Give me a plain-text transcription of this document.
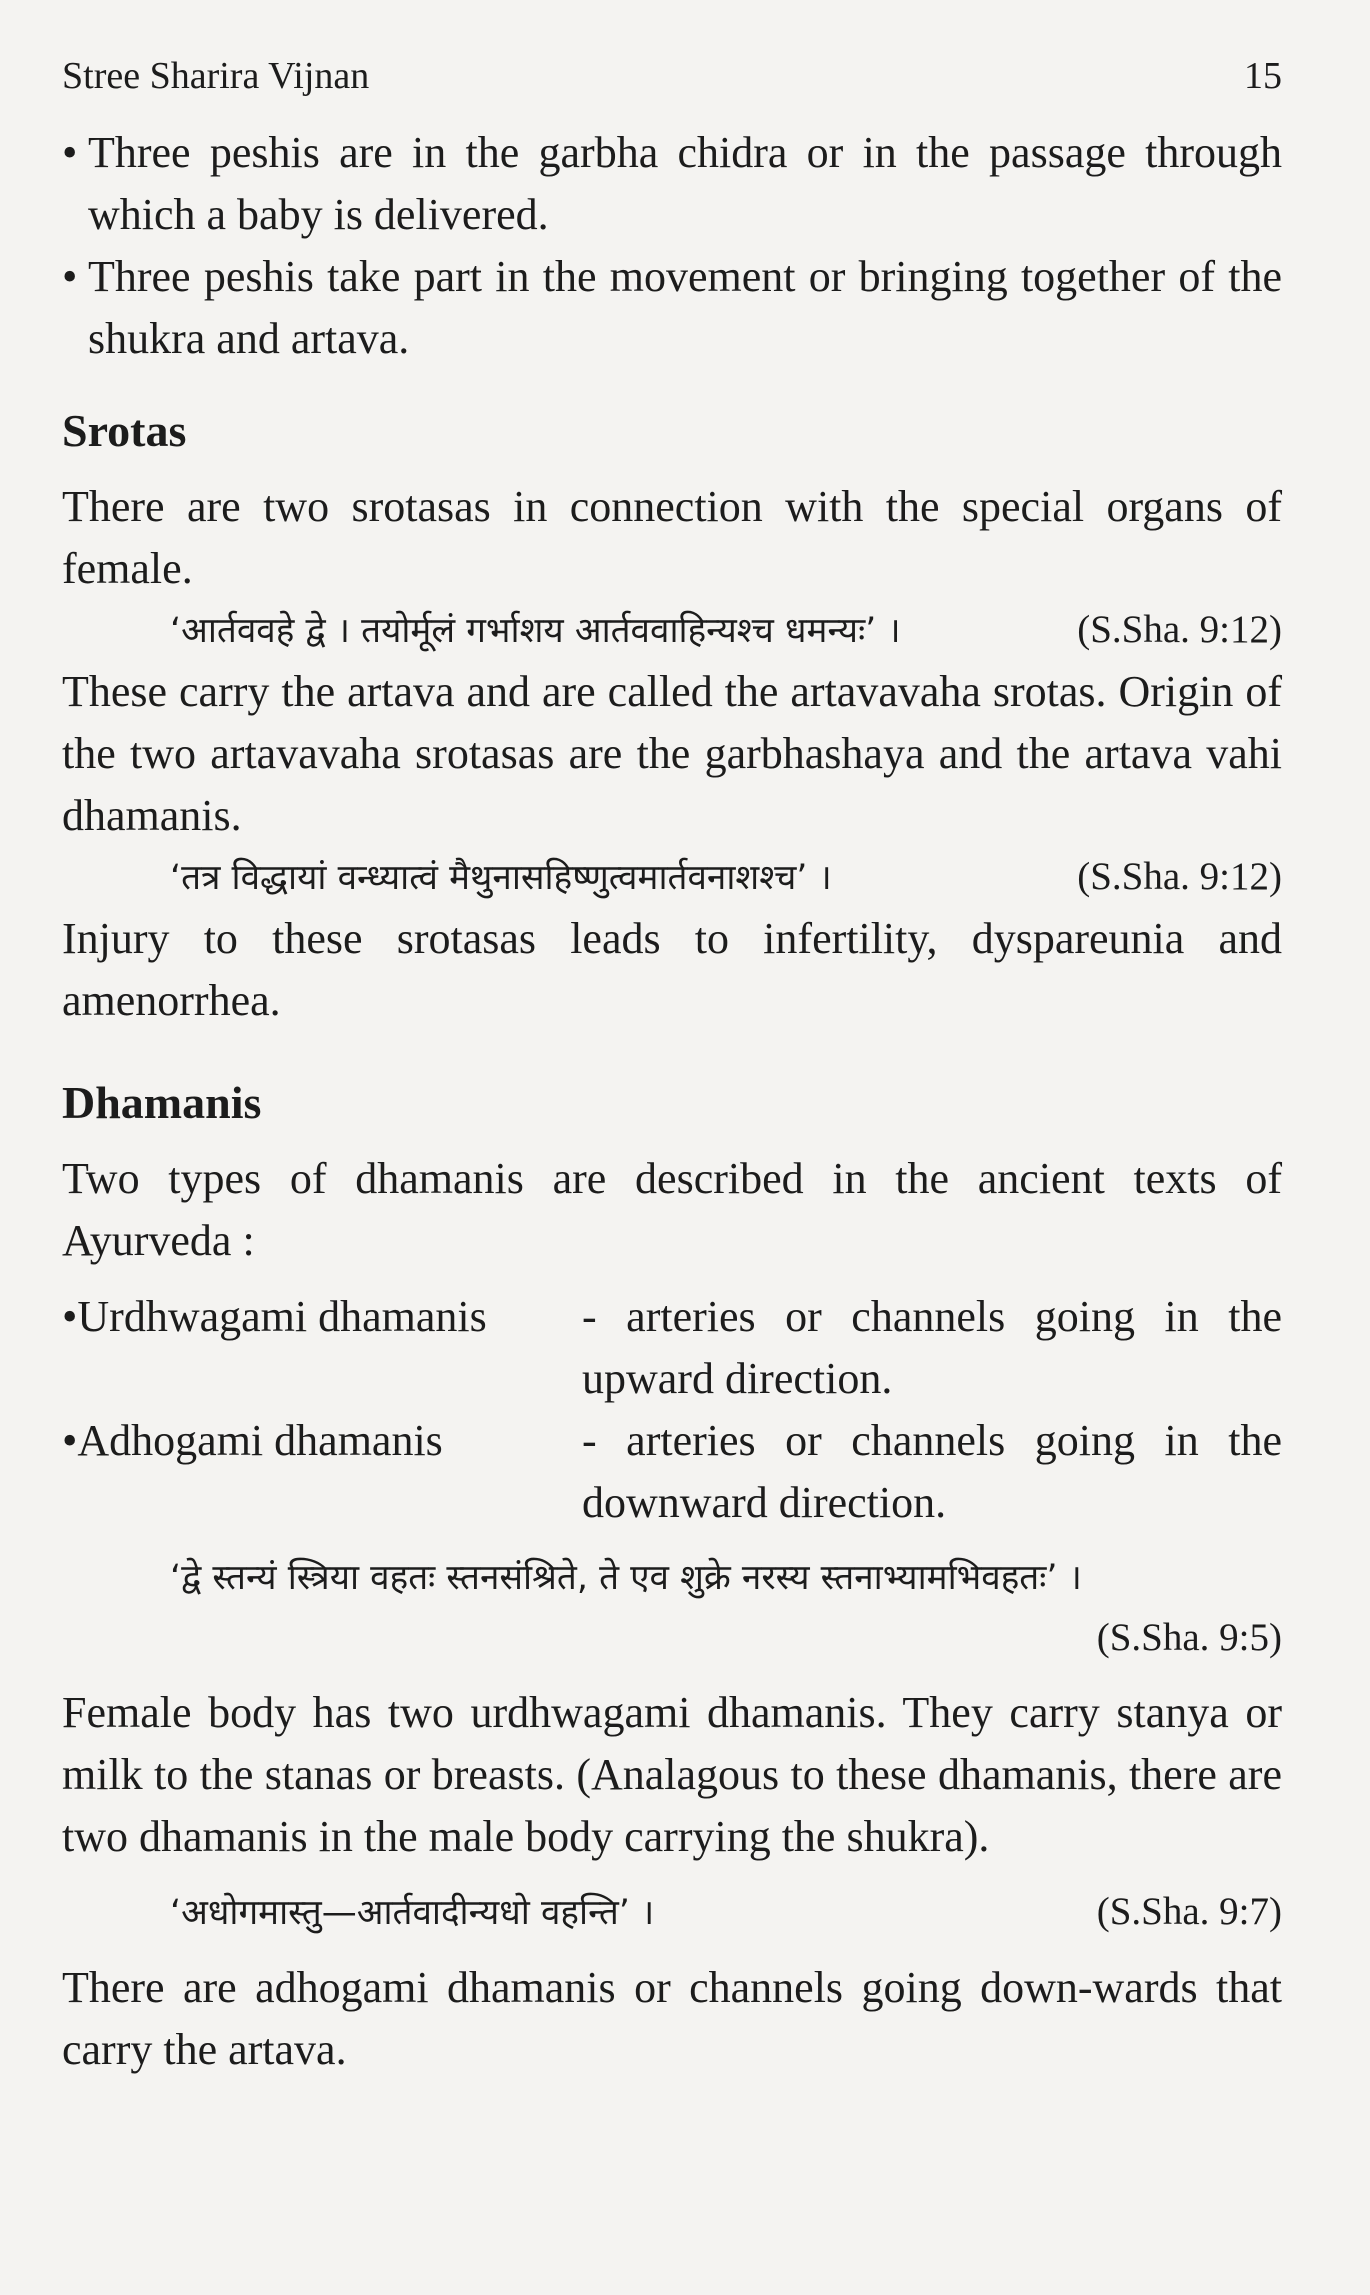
Stree Sharira Vijnan	15
• Three peshis are in the garbha chidra or in the passage through which a baby is delivered.
• Three peshis take part in the movement or bringing together of the shukra and artava.
Srotas

There are two srotasas in connection with the special organs of female.

‘आर्तववहे द्वे । तयोर्मूलं गर्भाशय आर्तववाहिन्यश्च धमन्यः’ ।	(S.Sha. 9:12)

These carry the artava and are called the artavavaha srotas. Origin of the two artavavaha srotasas are the garbhashaya and the artava vahi dhamanis.

‘तत्र विद्धायां वन्ध्यात्वं मैथुनासहिष्णुत्वमार्तवनाशश्च’ ।	(S.Sha. 9:12)

Injury to these srotasas leads to infertility, dyspareunia and amenorrhea.

Dhamanis

Two types of dhamanis are described in the ancient texts of Ayurveda :

•Urdhwagami dhamanis - arteries or channels going in the upward direction.
•Adhogami dhamanis	- arteries or channels going in the downward direction.
‘द्वे स्तन्यं स्त्रिया वहतः स्तनसंश्रिते, ते एव शुक्रे नरस्य स्तनाभ्यामभिवहतः’ ।
(S.Sha. 9:5)

Female body has two urdhwagami dhamanis. They carry stanya or milk to the stanas or breasts. (Analagous to these dhamanis, there are two dhamanis in the male body carrying the shukra).

‘अधोगमास्तु—आर्तवादीन्यधो वहन्ति’ ।	(S.Sha. 9:7)

There are adhogami dhamanis or channels going down-wards that carry the artava.
